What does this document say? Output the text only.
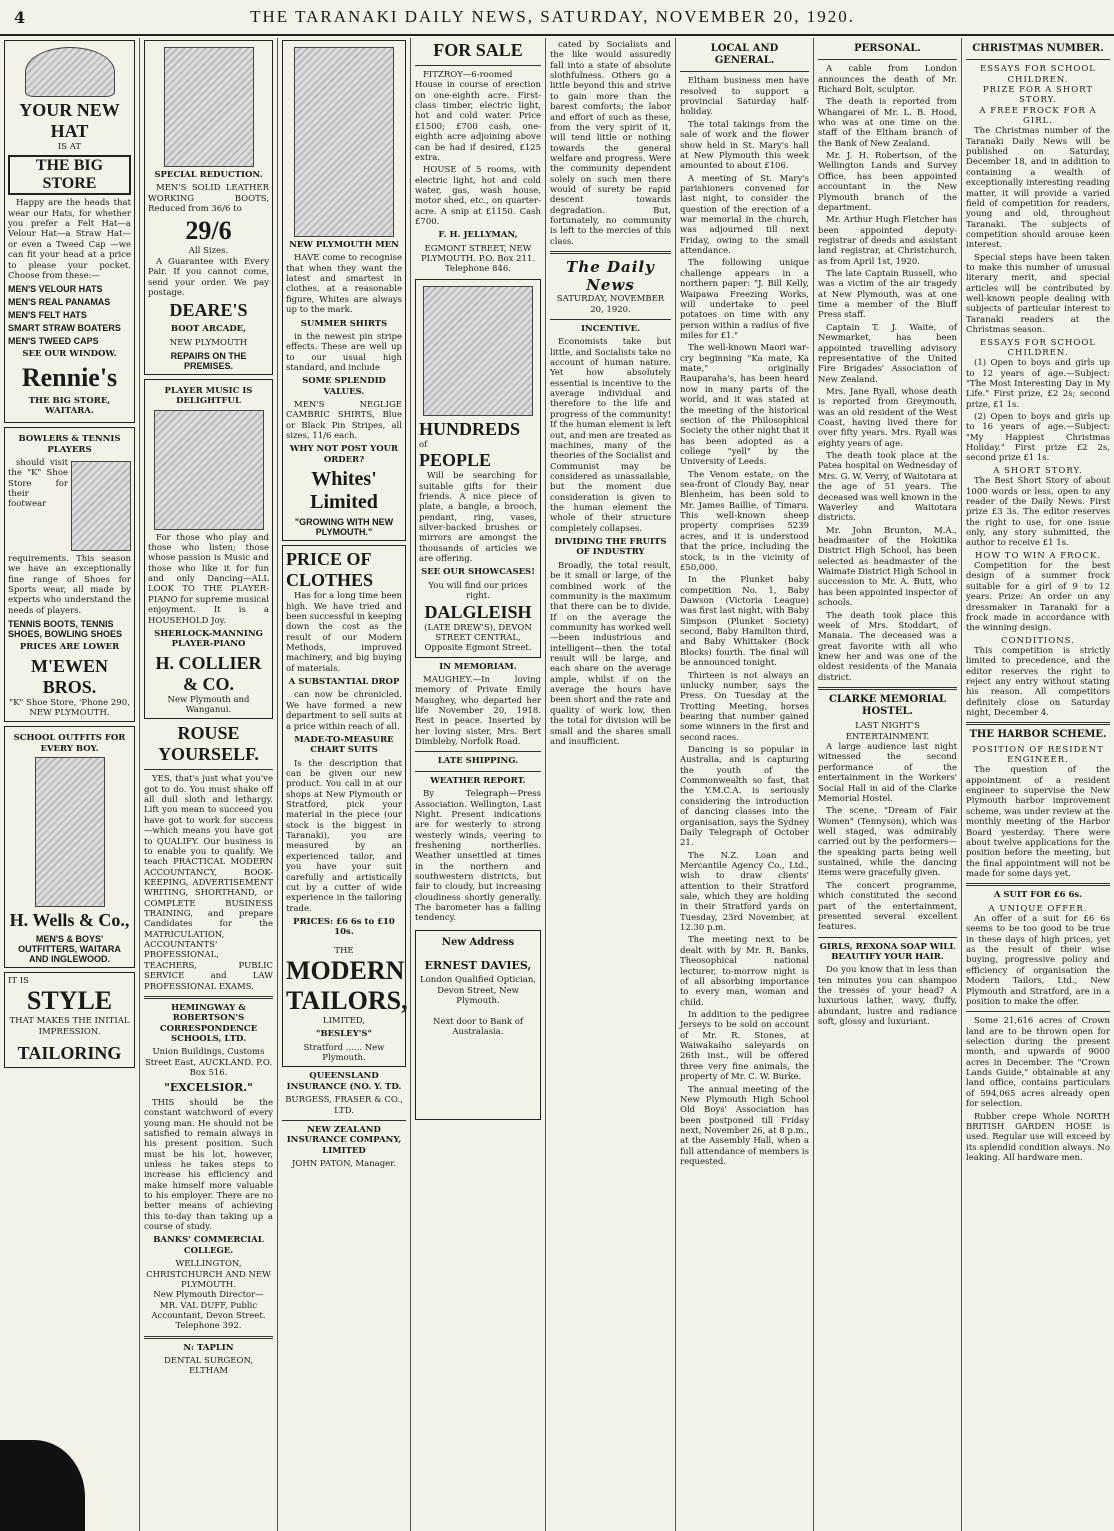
4	THE TARANAKI DAILY NEWS, SATURDAY, NOVEMBER 20, 1920.
YOUR NEW HAT
IS AT
THE BIG STORE
Happy are the heads that wear our Hats, for whether you prefer a Felt Hat—a Velour Hat—a Straw Hat—or even a Tweed Cap —we can fit your head at a price to please your pocket. Choose from these:—
MEN'S VELOUR HATS
MEN'S REAL PANAMAS
MEN'S FELT HATS
SMART STRAW BOATERS
MEN'S TWEED CAPS
SEE OUR WINDOW.
Rennie's
THE BIG STORE, WAITARA.
BOWLERS & TENNIS PLAYERS
should visit the "K" Shoe Store for their footwear requirements. This season we have an exceptionally fine range of Shoes for Sports wear, all made by experts who understand the needs of players.
TENNIS BOOTS, TENNIS SHOES, BOWLING SHOES
PRICES ARE LOWER
M'EWEN BROS.
"K" Shoe Store, 'Phone 290, NEW PLYMOUTH.
SCHOOL OUTFITS FOR EVERY BOY.
H. Wells & Co.,
MEN'S & BOYS' OUTFITTERS, WAITARA AND INGLEWOOD.
IT IS
STYLE
THAT MAKES THE INITIAL IMPRESSION.
TAILORING
SPECIAL REDUCTION.
MEN'S SOLID LEATHER WORKING BOOTS, Reduced from 36/6 to
29/6
All Sizes.
A Guarantee with Every Pair. If you cannot come, send your order. We pay postage.
DEARE'S
BOOT ARCADE,
NEW PLYMOUTH
REPAIRS ON THE PREMISES.
PLAYER MUSIC IS DELIGHTFUL
For those who play and those who listen; those whose passion is Music and those who like it for fun and only Dancing—ALL LOOK TO THE PLAYER-PIANO for supreme musical enjoyment. It is a HOUSEHOLD Joy.
SHERLOCK-MANNING PLAYER-PIANO
H. COLLIER & CO.
New Plymouth and Wanganui.
ROUSE YOURSELF.
YES, that's just what you've got to do. You must shake off all dull sloth and lethargy. Lift you mean to succeed you have got to work for success—which means you have got to QUALIFY. Our business is to enable you to qualify. We teach PRACTICAL MODERN ACCOUNTANCY, BOOK-KEEPING, ADVERTISEMENT WRITING, SHORTHAND, or COMPLETE BUSINESS TRAINING, and prepare Candidates for the MATRICULATION, ACCOUNTANTS' PROFESSIONAL, TEACHERS, PUBLIC SERVICE and LAW PROFESSIONAL EXAMS.
HEMINGWAY & ROBERTSON'S CORRESPONDENCE SCHOOLS, LTD.
Union Buildings, Customs Street East, AUCKLAND. P.O. Box 516.
"EXCELSIOR."
THIS should be the constant watchword of every young man. He should not be satisfied to remain always in his present position. Such must be his lot, however, unless he takes steps to increase his efficiency and make himself more valuable to his employer. There are no better means of achieving this to-day than taking up a course of study.
BANKS' COMMERCIAL COLLEGE.
WELLINGTON, CHRISTCHURCH AND NEW PLYMOUTH.
New Plymouth Director— MR. VAL DUFF, Public Accountant, Devon Street. Telephone 392.
N: TAPLIN
DENTAL SURGEON, ELTHAM
NEW PLYMOUTH MEN
HAVE come to recognise that when they want the latest and smartest in clothes, at a reasonable figure, Whites are always up to the mark.
SUMMER SHIRTS
in the newest pin stripe effects. These are well up to our usual high standard, and include
SOME SPLENDID VALUES.
MEN'S NEGLIGE CAMBRIC SHIRTS, Blue or Black Pin Stripes, all sizes, 11/6 each.
WHY NOT POST YOUR ORDER?
Whites' Limited
"GROWING WITH NEW PLYMOUTH."
PRICE OF CLOTHES
Has for a long time been high. We have tried and been successful in keeping down the cost as the result of our Modern Methods, improved machinery, and big buying of materials.
A SUBSTANTIAL DROP
can now be chronicled. We have formed a new department to sell suits at a price within reach of all.
MADE-TO-MEASURE CHART SUITS
Is the description that can be given our new product. You call in at our shops at New Plymouth or Stratford, pick your material in the piece (our stock is the biggest in Taranaki), you are measured by an experienced tailor, and you have your suit carefully and artistically cut by a cutter of wide experience in the tailoring trade.
PRICES: £6 6s to £10 10s.
THE
MODERN TAILORS,
LIMITED,
"BESLEY'S"
Stratford ...... New Plymouth.
QUEENSLAND INSURANCE (NO. Y. TD.
BURGESS, FRASER & CO., LTD.
NEW ZEALAND INSURANCE COMPANY, LIMITED
JOHN PATON, Manager.
FOR SALE
FITZROY—6-roomed House in course of erection on one-eighth acre. First-class timber, electric light, hot and cold water. Price £1500; £700 cash, one-eighth acre adjoining above can be had if desired, £125 extra.
HOUSE of 5 rooms, with electric light, hot and cold water, gas, wash house, motor shed, etc., on quarter-acre. A snip at £1150. Cash £700.
F. H. JELLYMAN,
EGMONT STREET, NEW PLYMOUTH. P.O. Box 211. Telephone 846.
HUNDREDS
of
PEOPLE
Will be searching for suitable gifts for their friends. A nice piece of plate, a bangle, a brooch, pendant, ring, vases, silver-backed brushes or mirrors are amongst the thousands of articles we are offering.
SEE OUR SHOWCASES!
You will find our prices right.
DALGLEISH
(LATE DREW'S), DEVON STREET CENTRAL, Opposite Egmont Street.
IN MEMORIAM.
MAUGHEY.—In loving memory of Private Emily Maughey, who departed her life November 20, 1918. Rest in peace. Inserted by her loving sister, Mrs. Bert Dimbleby, Norfolk Road.
LATE SHIPPING.
WEATHER REPORT.
By Telegraph—Press Association. Wellington, Last Night. Present indications are for westerly to strong westerly winds, veering to freshening northerlies. Weather unsettled at times in the northern and southwestern districts, but fair to cloudy, but increasing cloudiness shortly generally. The barometer has a falling tendency.
New Address
ERNEST DAVIES,
London Qualified Optician, Devon Street, New Plymouth.
Next door to Bank of Australasia.
cated by Socialists and the like would assuredly fall into a state of absolute slothfulness. Others go a little beyond this and strive to gain more than the barest comforts; the labor and effort of such as these, from the very spirit of it, will tend little or nothing towards the general welfare and progress. Were the community dependent solely on such men there would of surety be rapid descent towards degradation. But, fortunately, no community is left to the mercies of this class.
The Daily News
SATURDAY, NOVEMBER 20, 1920.
INCENTIVE.
Economists take but little, and Socialists take no account of human nature. Yet how absolutely essential is incentive to the average individual and therefore to the life and progress of the community! If the human element is left out, and men are treated as machines, many of the theories of the Socialist and Communist may be considered as unassailable, but the moment due consideration is given to the human element the whole of their structure completely collapses.
DIVIDING THE FRUITS OF INDUSTRY
Broadly, the total result, be it small or large, of the combined work of the community is the maximum that there can be to divide. If on the average the community has worked well—been industrious and intelligent—then the total result will be large, and each share on the average ample, whilst if on the average the hours have been short and the rate and quality of work low, then the total for division will be small and the shares small and insufficient.
LOCAL AND GENERAL.
Eltham business men have resolved to support a provincial Saturday half-holiday.
The total takings from the sale of work and the flower show held in St. Mary's hall at New Plymouth this week amounted to about £106.
A meeting of St. Mary's parishioners convened for last night, to consider the question of the erection of a war memorial in the church, was adjourned till next Friday, owing to the small attendance.
The following unique challenge appears in a northern paper: "J. Bill Kelly, Waipawa Freezing Works, will undertake to peel potatoes on time with any person within a radius of five miles for £1."
The well-known Maori war-cry beginning "Ka mate, Ka mate," originally Rauparaha's, has been heard now in many parts of the world, and it was stated at the meeting of the historical section of the Philosophical Society the other night that it has been adopted as a college "yell" by the University of Leeds.
The Venom estate, on the sea-front of Cloudy Bay, near Blenheim, has been sold to Mr. James Baillie, of Timaru. This well-known sheep property comprises 5239 acres, and it is understood that the price, including the stock, is in the vicinity of £50,000.
In the Plunket baby competition No. 1, Baby Dawson (Victoria League) was first last night, with Baby Simpson (Plunket Society) second, Baby Hamilton third, and Baby Whittaker (Bock Blocks) fourth. The final will be announced tonight.
Thirteen is not always an unlucky number, says the Press. On Tuesday at the Trotting Meeting, horses bearing that number gained some winners in the first and second races.
Dancing is so popular in Australia, and is capturing the youth of the Commonwealth so fast, that the Y.M.C.A. is seriously considering the introduction of dancing classes into the organisation, says the Sydney Daily Telegraph of October 21.
The N.Z. Loan and Mercantile Agency Co., Ltd., wish to draw clients' attention to their Stratford sale, which they are holding in their Stratford yards on Tuesday, 23rd November, at 12.30 p.m.
The meeting next to be dealt with by Mr. R. Banks, Theosophical national lecturer, to-morrow night is of all absorbing importance to every man, woman and child.
In addition to the pedigree Jerseys to be sold on account of Mr. R. Stones, at Waiwakaiho saleyards on 26th inst., will be offered three very fine animals, the property of Mr. C. W. Burke.
The annual meeting of the New Plymouth High School Old Boys' Association has been postponed till Friday next, November 26, at 8 p.m., at the Assembly Hall, when a full attendance of members is requested.
PERSONAL.
A cable from London announces the death of Mr. Richard Bolt, sculptor.
The death is reported from Whangarei of Mr. L. B. Hood, who was at one time on the staff of the Eltham branch of the Bank of New Zealand.
Mr. J. H. Robertson, of the Wellington Lands and Survey Office, has been appointed accountant in the New Plymouth branch of the department.
Mr. Arthur Hugh Fletcher has been appointed deputy-registrar of deeds and assistant land registrar, at Christchurch, as from April 1st, 1920.
The late Captain Russell, who was a victim of the air tragedy at New Plymouth, was at one time a member of the Bluff Press staff.
Captain T. J. Waite, of Newmarket, has been appointed travelling advisory representative of the United Fire Brigades' Association of New Zealand.
Mrs. Jane Ryall, whose death is reported from Greymouth, was an old resident of the West Coast, having lived there for over fifty years. Mrs. Ryall was eighty years of age.
The death took place at the Patea hospital on Wednesday of Mrs. G. W. Verry, of Waitotara at the age of 51 years. The deceased was well known in the Waverley and Waitotara districts.
Mr. John Brunton, M.A., headmaster of the Hokitika District High School, has been selected as headmaster of the Waimate District High School in succession to Mr. A. Butt, who has been appointed inspector of schools.
The death took place this week of Mrs. Stoddart, of Manaia. The deceased was a great favorite with all who knew her and was one of the oldest residents of the Manaia district.
CLARKE MEMORIAL HOSTEL.
LAST NIGHT'S ENTERTAINMENT.
A large audience last night witnessed the second performance of the entertainment in the Workers' Social Hall in aid of the Clarke Memorial Hostel.
The scene, "Dream of Fair Women" (Tennyson), which was well staged, was admirably carried out by the performers—the speaking parts being well sustained, while the dancing items were gracefully given.
The concert programme, which constituted the second part of the entertainment, presented several excellent features.
GIRLS, REXONA SOAP WILL BEAUTIFY YOUR HAIR.
Do you know that in less than ten minutes you can shampoo the tresses of your head? A luxurious lather, wavy, fluffy, abundant, lustre and radiance soft, glossy and luxuriant.
CHRISTMAS NUMBER.
ESSAYS FOR SCHOOL CHILDREN.
PRIZE FOR A SHORT STORY.
A FREE FROCK FOR A GIRL.
The Christmas number of the Taranaki Daily News will be published on Saturday, December 18, and in addition to containing a wealth of exceptionally interesting reading matter, it will provide a varied field of competition for readers, young and old, throughout Taranaki. The subjects of competition should arouse keen interest.
Special steps have been taken to make this number of unusual literary merit, and special articles will be contributed by well-known people dealing with subjects of particular interest to Taranaki readers at the Christmas season.
ESSAYS FOR SCHOOL CHILDREN.
(1) Open to boys and girls up to 12 years of age.—Subject: "The Most Interesting Day in My Life." First prize, £2 2s; second prize, £1 1s.
(2) Open to boys and girls up to 16 years of age.—Subject: "My Happiest Christmas Holiday." First prize £2 2s, second prize £1 1s.
A SHORT STORY.
The Best Short Story of about 1000 words or less, open to any reader of the Daily News. First prize £3 3s. The editor reserves the right to use, for one issue only, any story submitted, the author to receive £1 1s.
HOW TO WIN A FROCK.
Competition for the best design of a summer frock suitable for a girl of 9 to 12 years. Prize: An order on any dressmaker in Taranaki for a frock made in accordance with the winning design.
CONDITIONS.
This competition is strictly limited to precedence, and the editor reserves the right to reject any entry without stating his reason. All competitors definitely close on Saturday night, December 4.
THE HARBOR SCHEME.
POSITION OF RESIDENT ENGINEER.
The question of the appointment of a resident engineer to supervise the New Plymouth harbor improvement scheme, was under review at the monthly meeting of the Harbor Board yesterday. There were about twelve applications for the position before the meeting, but the final appointment will not be made for some days yet.
A SUIT FOR £6 6s.
A UNIQUE OFFER.
An offer of a suit for £6 6s seems to be too good to be true in these days of high prices, yet as the result of their wise buying, progressive policy and efficiency of organisation the Modern Tailors, Ltd., New Plymouth and Stratford, are in a position to make the offer.
Some 21,616 acres of Crown land are to be thrown open for selection during the present month, and upwards of 9000 acres in December. The "Crown Lands Guide," obtainable at any land office, contains particulars of 594,065 acres already open for selection.
Rubber crepe Whole NORTH BRITISH GARDEN HOSE is used. Regular use will exceed by its splendid condition always. No leaking. All hardware men.
